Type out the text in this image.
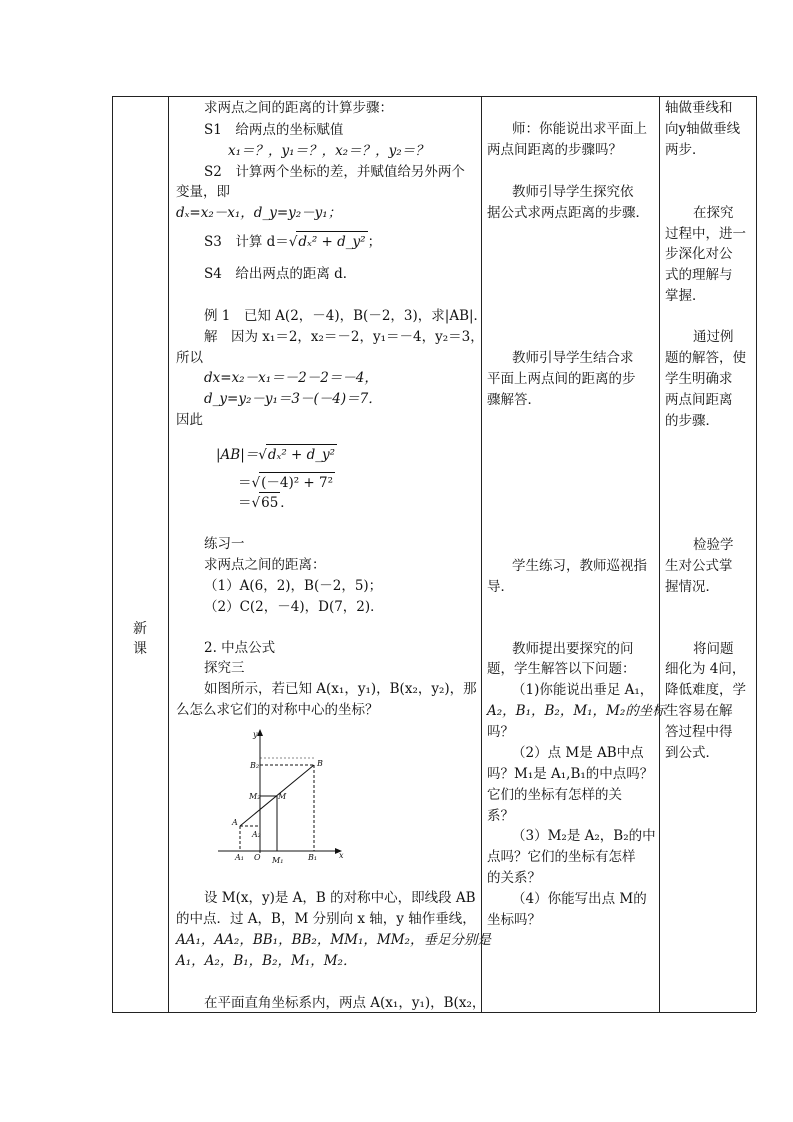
新
课
求两点之间的距离的计算步骤：
S1　给两点的坐标赋值
x₁＝？，y₁＝？，x₂＝？，y₂＝？
S2　计算两个坐标的差，并赋值给另外两个
变量，即
dₓ=x₂－x₁，d_y=y₂－y₁；
S3　计算 d＝√dₓ² + d_y² ；
S4　给出两点的距离 d．
例 1　已知 A(2，－4)，B(－2，3)，求|AB|．
解　因为 x₁＝2，x₂＝－2，y₁＝－4，y₂＝3，
所以
dx=x₂－x₁＝－2－2＝－4，
d_y=y₂－y₁＝3－(－4)＝7．
因此
|AB|＝√dₓ² + d_y²
＝√(－4)² + 7²
＝√65 ．
练习一
求两点之间的距离：
（1）A(6，2)，B(－2，5)；
（2）C(2，－4)，D(7，2)．
2. 中点公式
探究三
如图所示，若已知 A(x₁，y₁)，B(x₂，y₂)，那
么怎么求它们的对称中心的坐标？
y
x
B₂	B
M₂ M
A
A₂
A₁ O M₁	B₁
设 M(x，y)是 A，B 的对称中心，即线段 AB
的中点．过 A，B，M 分别向 x 轴，y 轴作垂线，
AA₁，AA₂，BB₁，BB₂，MM₁，MM₂，垂足分别是
A₁，A₂，B₁，B₂，M₁，M₂．
在平面直角坐标系内，两点 A(x₁，y₁)，B(x₂，
师：你能说出求平面上
两点间距离的步骤吗？
教师引导学生探究依
据公式求两点距离的步骤．
教师引导学生结合求
平面上两点间的距离的步
骤解答．
学生练习，教师巡视指
导．
教师提出要探究的问
题，学生解答以下问题：
（1)你能说出垂足 A₁，
A₂，B₁，B₂，M₁，M₂的坐标
吗？
（2）点 M是 AB中点
吗？M₁是 A₁,B₁的中点吗？
它们的坐标有怎样的关
系？
（3）M₂是 A₂，B₂的中
点吗？它们的坐标有怎样
的关系？
（4）你能写出点 M的
坐标吗？
轴做垂线和
向y轴做垂线
两步．
在探究
过程中，进一
步深化对公
式的理解与
掌握．
通过例
题的解答，使
学生明确求
两点间距离
的步骤．
检验学
生对公式掌
握情况．
将问题
细化为 4问，
降低难度，学
生容易在解
答过程中得
到公式．
